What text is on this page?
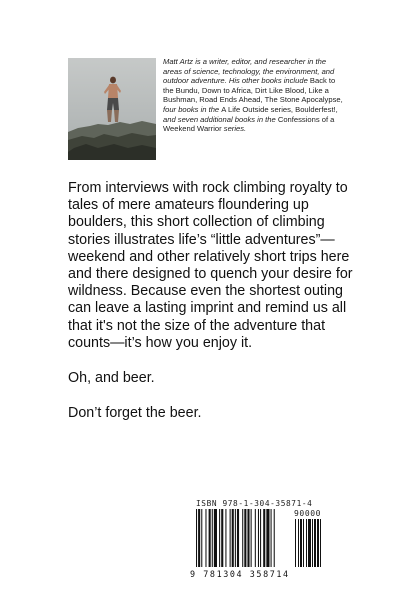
Matt Artz is a writer, editor, and researcher in the areas of science, technology, the environment, and outdoor adventure. His other books include Back to the Bundu, Down to Africa, Dirt Like Blood, Like a Bushman, Road Ends Ahead, The Stone Apocalypse, four books in the A Life Outside series, Boulderfest!, and seven additional books in the Confessions of a Weekend Warrior series.

From interviews with rock climbing royalty to tales of mere amateurs floundering up boulders, this short collection of climbing stories illustrates life’s “little adventures”—weekend and other relatively short trips here and there designed to quench your desire for wildness. Because even the shortest outing can leave a lasting imprint and remind us all that it's not the size of the adventure that counts—it’s how you enjoy it.

Oh, and beer.

Don’t forget the beer.

ISBN 978-1-304-35871-4
90000
9 781304 358714
